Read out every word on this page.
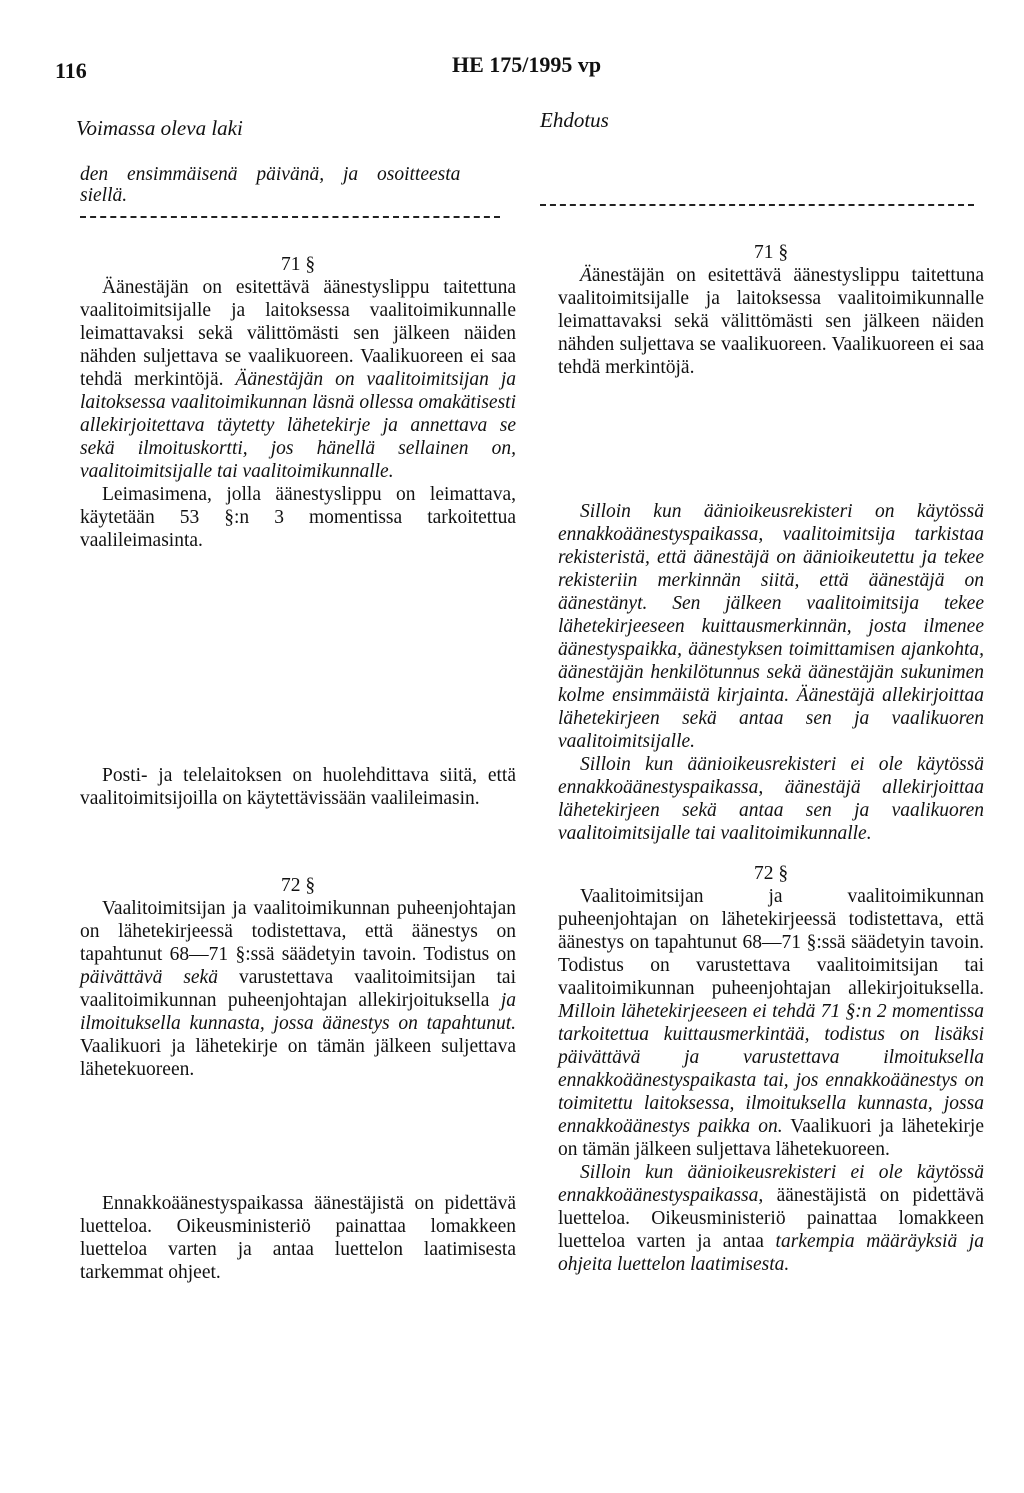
116	HE 175/1995 vp
Voimassa oleva laki	Ehdotus

den ensimmäisenä päivänä, ja osoitteesta

siellä.

71 §

Äänestäjän on esitettävä äänestyslippu taitettuna vaalitoimitsijalle ja laitoksessa vaalitoimikunnalle leimattavaksi sekä välittömästi sen jälkeen näiden nähden suljettava se vaalikuoreen. Vaalikuoreen ei saa tehdä merkintöjä. Äänestäjän on vaalitoimitsijan ja laitoksessa vaalitoimikunnan läsnä ollessa omakätisesti allekirjoitettava täytetty lähetekirje ja annettava se sekä ilmoituskortti, jos hänellä sellainen on, vaalitoimitsijalle tai vaalitoimikunnalle.

Leimasimena, jolla äänestyslippu on leimattava, käytetään 53 §:n 3 momentissa tarkoitettua vaalileimasinta.

Posti- ja telelaitoksen on huolehdittava siitä, että vaalitoimitsijoilla on käytettävissään vaalileimasin.

72 §

Vaalitoimitsijan ja vaalitoimikunnan puheenjohtajan on lähetekirjeessä todistettava, että äänestys on tapahtunut 68—71 §:ssä säädetyin tavoin. Todistus on päivättävä sekä varustettava vaalitoimitsijan tai vaalitoimikunnan puheenjohtajan allekirjoituksella ja ilmoituksella kunnasta, jossa äänestys on tapahtunut. Vaalikuori ja lähetekirje on tämän jälkeen suljettava lähetekuoreen.

Ennakkoäänestyspaikassa äänestäjistä on pidettävä luetteloa. Oikeusministeriö painattaa lomakkeen luetteloa varten ja antaa luettelon laatimisesta tarkemmat ohjeet.

71 §

Äänestäjän on esitettävä äänestyslippu taitettuna vaalitoimitsijalle ja laitoksessa vaalitoimikunnalle leimattavaksi sekä välittömästi sen jälkeen näiden nähden suljettava se vaalikuoreen. Vaalikuoreen ei saa tehdä merkintöjä.

Silloin kun äänioikeusrekisteri on käytössä ennakkoäänestyspaikassa, vaalitoimitsija tarkistaa rekisteristä, että äänestäjä on äänioikeutettu ja tekee rekisteriin merkinnän siitä, että äänestäjä on äänestänyt. Sen jälkeen vaalitoimitsija tekee lähetekirjeeseen kuittausmerkinnän, josta ilmenee äänestyspaikka, äänestyksen toimittamisen ajankohta, äänestäjän henkilötunnus sekä äänestäjän sukunimen kolme ensimmäistä kirjainta. Äänestäjä allekirjoittaa lähetekirjeen sekä antaa sen ja vaalikuoren vaalitoimitsijalle.

Silloin kun äänioikeusrekisteri ei ole käytössä ennakkoäänestyspaikassa, äänestäjä allekirjoittaa lähetekirjeen sekä antaa sen ja vaalikuoren vaalitoimitsijalle tai vaalitoimikunnalle.

72 §

Vaalitoimitsijan ja vaalitoimikunnan puheenjohtajan on lähetekirjeessä todistettava, että äänestys on tapahtunut 68—71 §:ssä säädetyin tavoin. Todistus on varustettava vaalitoimitsijan tai vaalitoimikunnan puheenjohtajan allekirjoituksella. Milloin lähetekirjeeseen ei tehdä 71 §:n 2 momentissa tarkoitettua kuittausmerkintää, todistus on lisäksi päivättävä ja varustettava ilmoituksella ennakkoäänestyspaikasta tai, jos ennakkoäänestys on toimitettu laitoksessa, ilmoituksella kunnasta, jossa ennakkoäänestys paikka on. Vaalikuori ja lähetekirje on tämän jälkeen suljettava lähetekuoreen.

Silloin kun äänioikeusrekisteri ei ole käytössä ennakkoäänestyspaikassa, äänestäjistä on pidettävä luetteloa. Oikeusministeriö painattaa lomakkeen luetteloa varten ja antaa tarkempia määräyksiä ja ohjeita luettelon laatimisesta.
